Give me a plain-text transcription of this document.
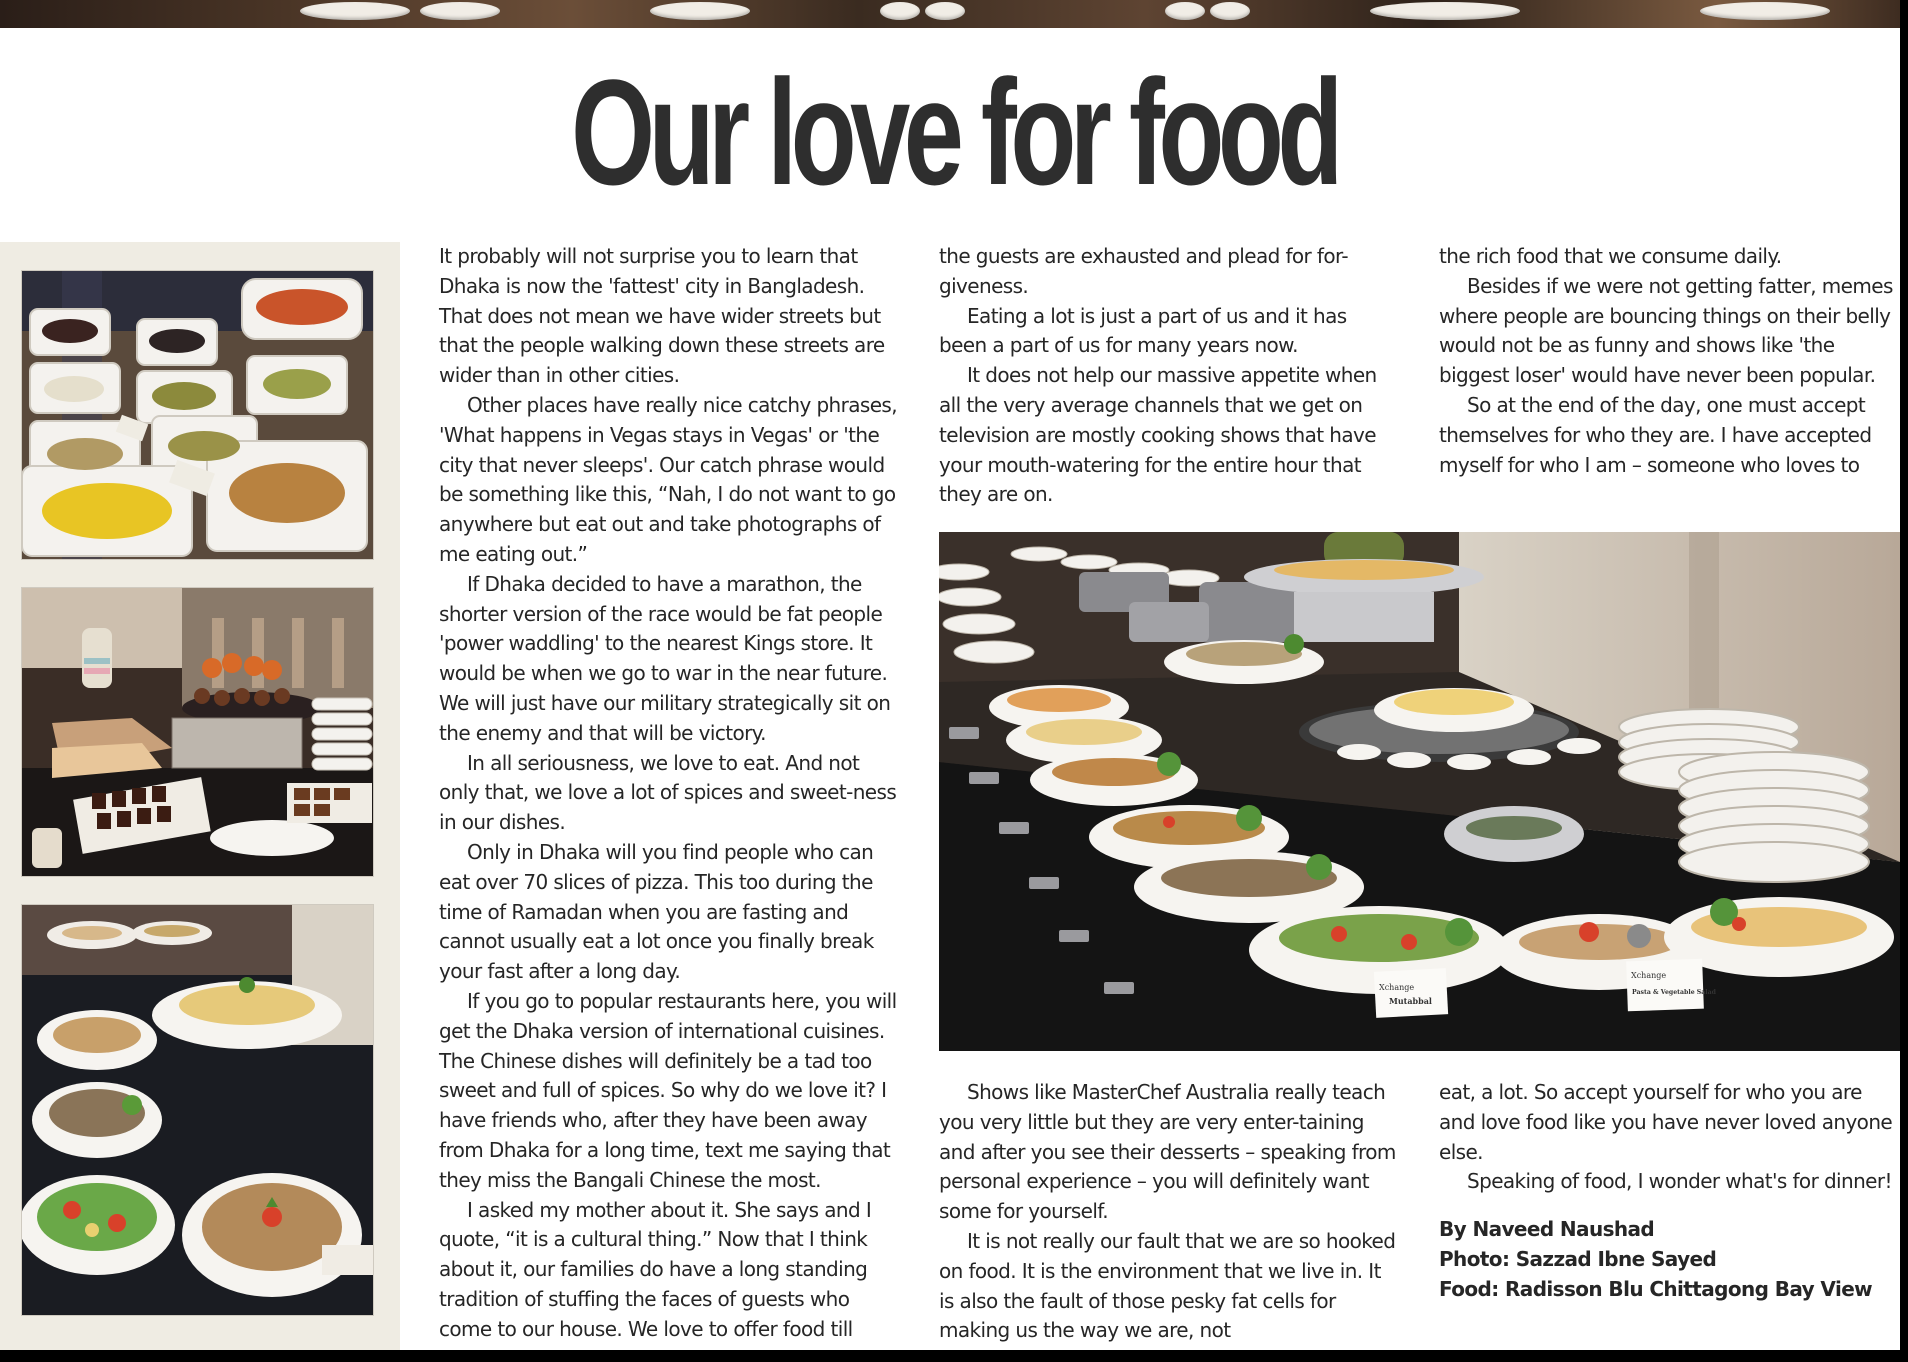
Our love for food

It probably will not surprise you to learn that Dhaka is now the 'fattest' city in Bangladesh. That does not mean we have wider streets but that the people walking down these streets are wider than in other cities.

Other places have really nice catchy phrases, 'What happens in Vegas stays in Vegas' or 'the city that never sleeps'. Our catch phrase would be something like this, “Nah, I do not want to go anywhere but eat out and take photographs of me eating out.”

If Dhaka decided to have a marathon, the shorter version of the race would be fat people 'power waddling' to the nearest Kings store. It would be when we go to war in the near future. We will just have our military strategically sit on the enemy and that will be victory.

In all seriousness, we love to eat. And not only that, we love a lot of spices and sweet-ness in our dishes.

Only in Dhaka will you find people who can eat over 70 slices of pizza. This too during the time of Ramadan when you are fasting and cannot usually eat a lot once you finally break your fast after a long day.

If you go to popular restaurants here, you will get the Dhaka version of international cuisines. The Chinese dishes will definitely be a tad too sweet and full of spices. So why do we love it? I have friends who, after they have been away from Dhaka for a long time, text me saying that they miss the Bangali Chinese the most.

I asked my mother about it. She says and I quote, “it is a cultural thing.” Now that I think about it, our families do have a long standing tradition of stuffing the faces of guests who come to our house. We love to offer food till

the guests are exhausted and plead for for-giveness.

Eating a lot is just a part of us and it has been a part of us for many years now.

It does not help our massive appetite when all the very average channels that we get on television are mostly cooking shows that have your mouth-watering for the entire hour that they are on.

the rich food that we consume daily.

Besides if we were not getting fatter, memes where people are bouncing things on their belly would not be as funny and shows like 'the biggest loser' would have never been popular.

So at the end of the day, one must accept themselves for who they are. I have accepted myself for who I am – someone who loves to

Xchange
Mutabbal
Xchange
Pasta & Vegetable Salad

Shows like MasterChef Australia really teach you very little but they are very enter-taining and after you see their desserts – speaking from personal experience – you will definitely want some for yourself.

It is not really our fault that we are so hooked on food. It is the environment that we live in. It is also the fault of those pesky fat cells for making us the way we are, not

eat, a lot. So accept yourself for who you are and love food like you have never loved anyone else.

Speaking of food, I wonder what's for dinner!

By Naveed Naushad
Photo: Sazzad Ibne Sayed
Food: Radisson Blu Chittagong Bay View
